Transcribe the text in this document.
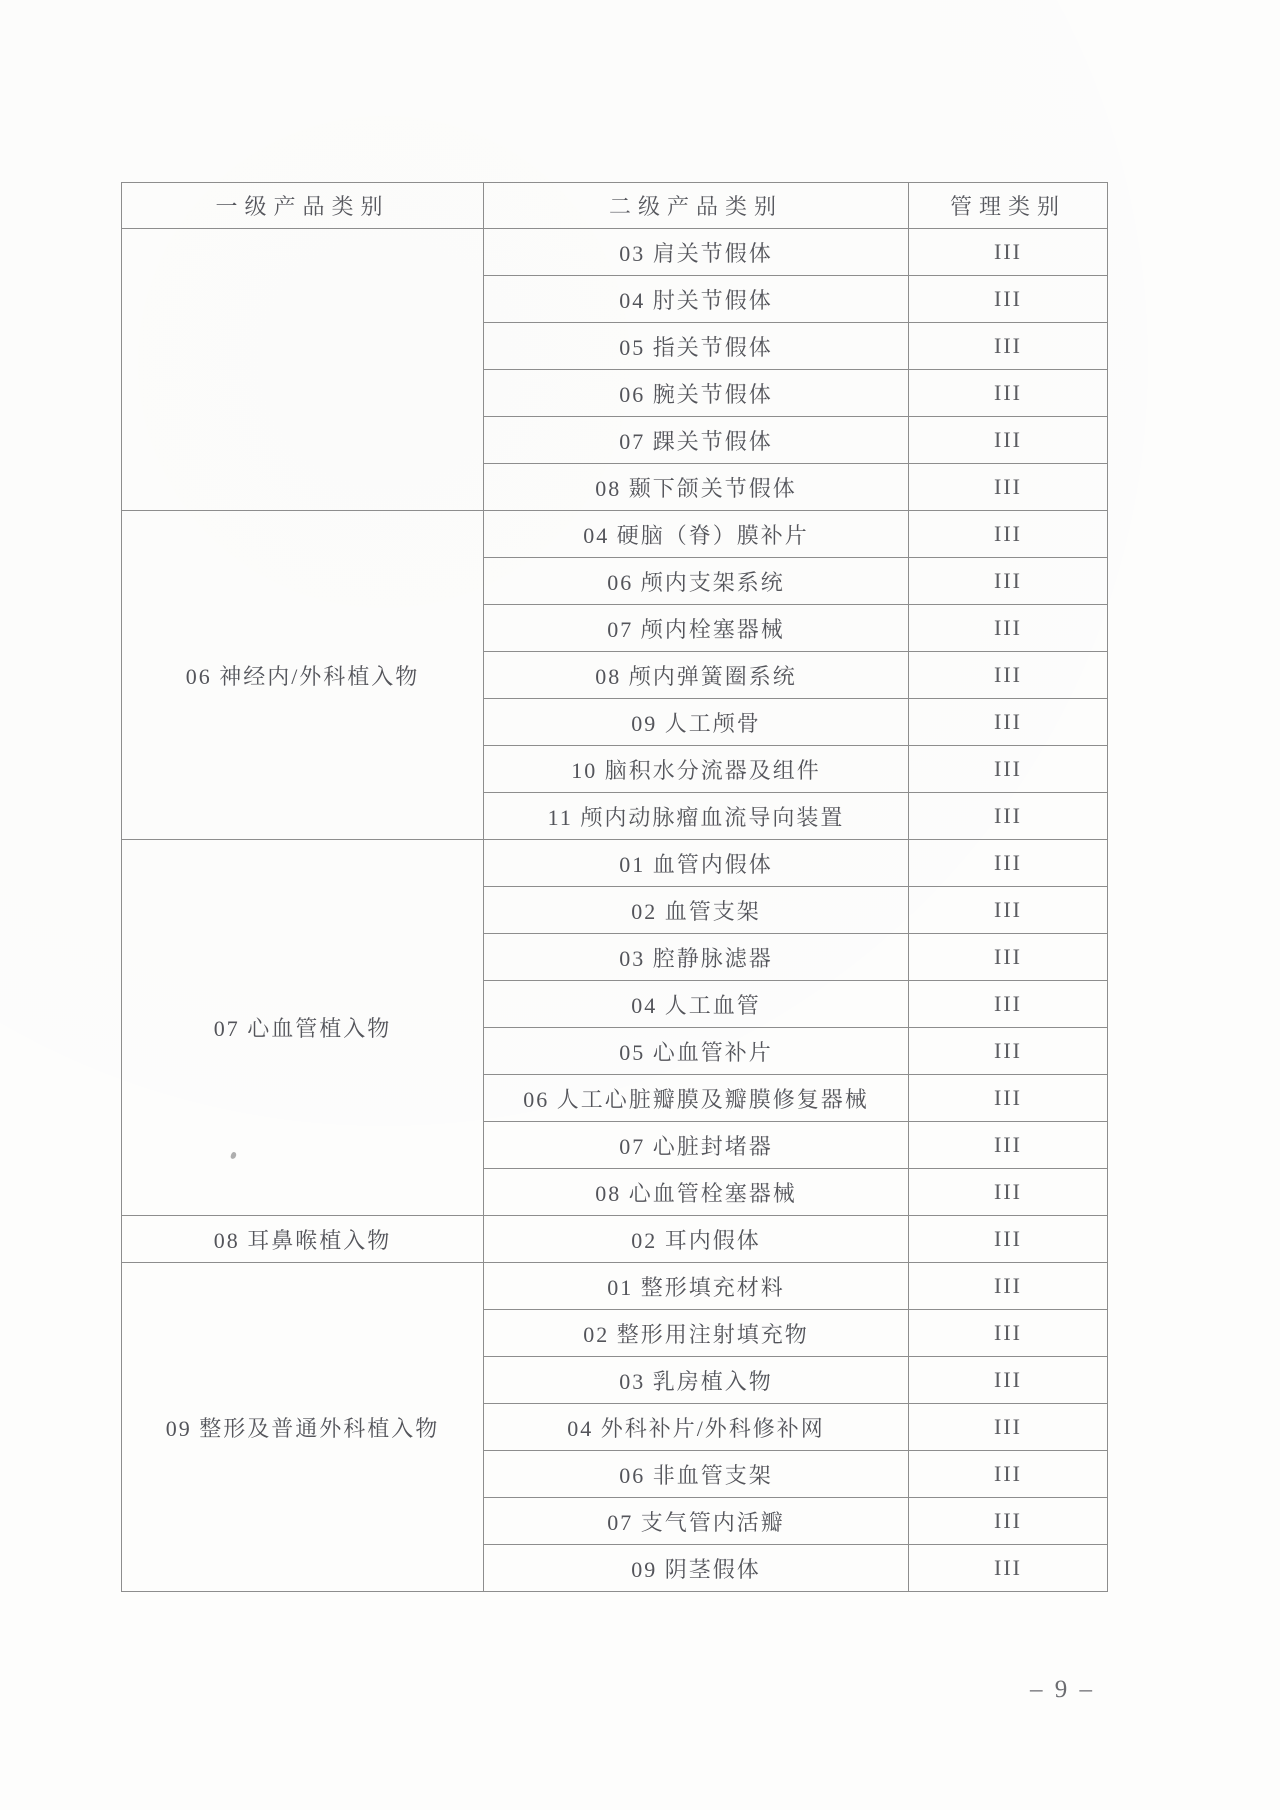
一级产品类别	二级产品类别	管理类别
	03 肩关节假体	III
	04 肘关节假体	III
	05 指关节假体	III
	06 腕关节假体	III
	07 踝关节假体	III
	08 颞下颌关节假体	III
06 神经内/外科植入物	04 硬脑（脊）膜补片	III
	06 颅内支架系统	III
	07 颅内栓塞器械	III
	08 颅内弹簧圈系统	III
	09 人工颅骨	III
	10 脑积水分流器及组件	III
	11 颅内动脉瘤血流导向装置	III
07 心血管植入物	01 血管内假体	III
	02 血管支架	III
	03 腔静脉滤器	III
	04 人工血管	III
	05 心血管补片	III
	06 人工心脏瓣膜及瓣膜修复器械	III
	07 心脏封堵器	III
	08 心血管栓塞器械	III
08 耳鼻喉植入物	02 耳内假体	III
09 整形及普通外科植入物	01 整形填充材料	III
	02 整形用注射填充物	III
	03 乳房植入物	III
	04 外科补片/外科修补网	III
	06 非血管支架	III
	07 支气管内活瓣	III
	09 阴茎假体	III
– 9 –
